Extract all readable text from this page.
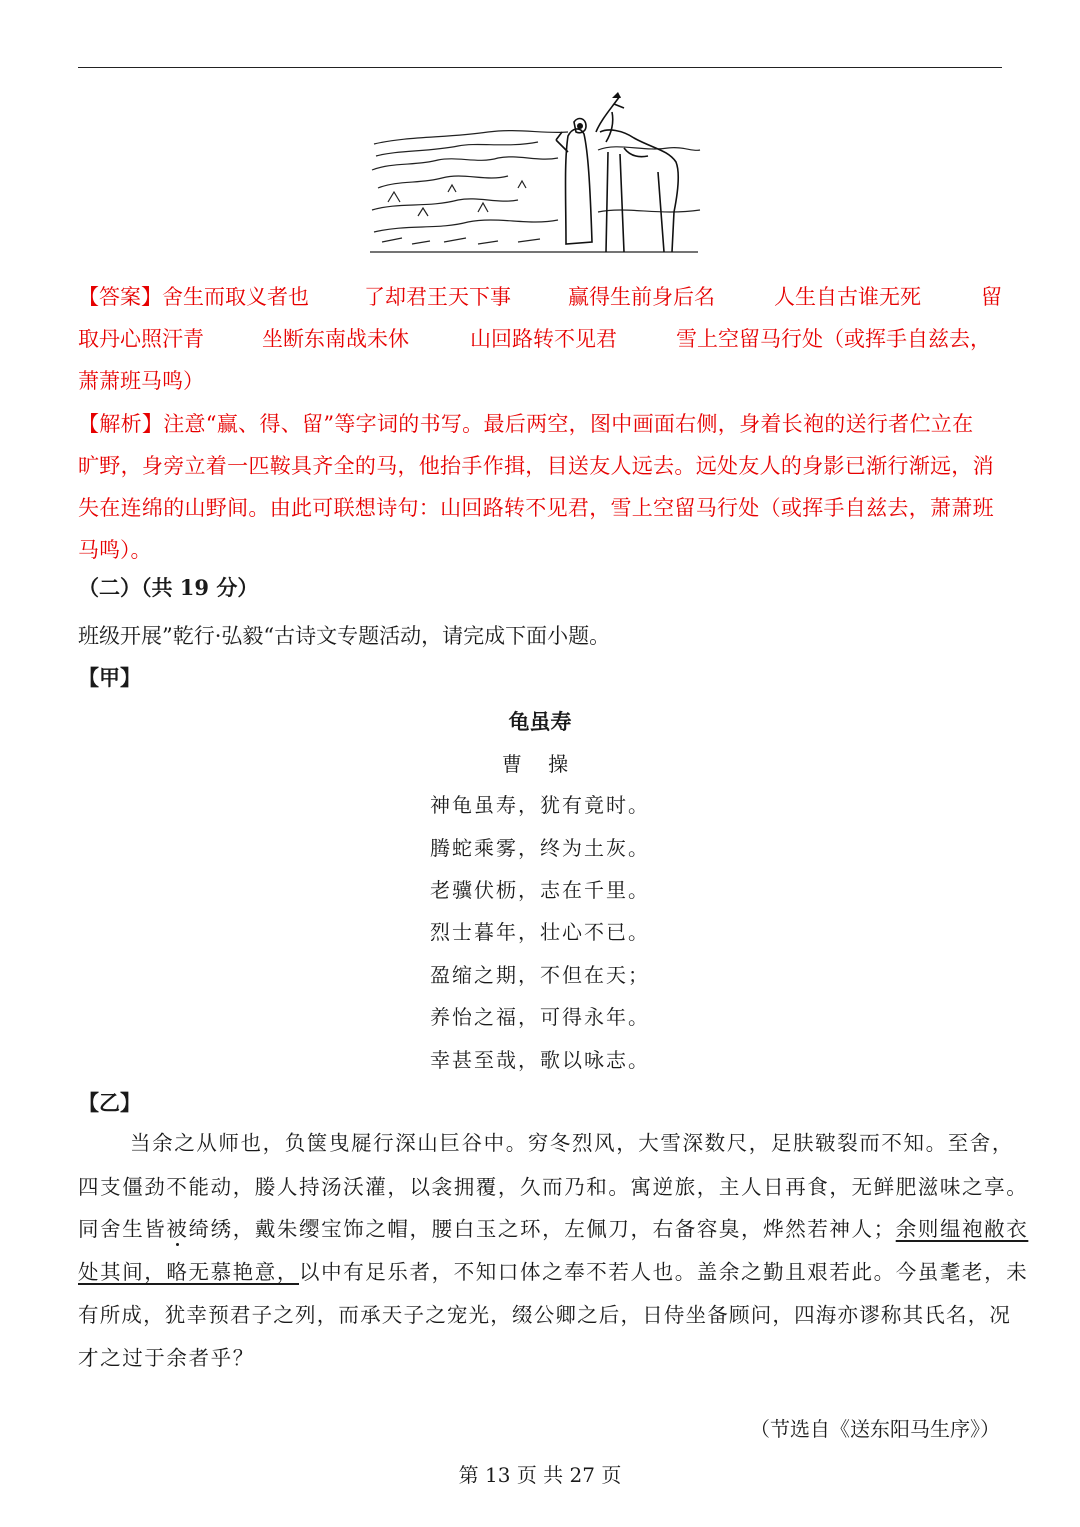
【答案】舍生而取义者也	了却君王天下事	赢得生前身后名	人生自古谁无死	留
取丹心照汗青	坐断东南战未休	山回路转不见君	雪上空留马行处（或挥手自兹去，
萧萧班马鸣）
【解析】注意“赢、得、留”等字词的书写。最后两空，图中画面右侧，身着长袍的送行者伫立在
旷野，身旁立着一匹鞍具齐全的马，他抬手作揖，目送友人远去。远处友人的身影已渐行渐远，消
失在连绵的山野间。由此可联想诗句：山回路转不见君，雪上空留马行处（或挥手自兹去，萧萧班
马鸣）。
（二）（共 19 分）
班级开展”乾行·弘毅“古诗文专题活动，请完成下面小题。
【甲】
龟虽寿
曹 操
神龟虽寿，犹有竟时。
腾蛇乘雾，终为土灰。
老骥伏枥，志在千里。
烈士暮年，壮心不已。
盈缩之期，不但在天；
养怡之福，可得永年。
幸甚至哉，歌以咏志。
【乙】
当余之从师也，负箧曳屣行深山巨谷中。穷冬烈风，大雪深数尺，足肤皲裂而不知。至舍，
四支僵劲不能动，媵人持汤沃灌，以衾拥覆，久而乃和。寓逆旅，主人日再食，无鲜肥滋味之享。
同舍生皆被绮绣，戴朱缨宝饰之帽，腰白玉之环，左佩刀，右备容臭，烨然若神人；余则缊袍敝衣
处其间，略无慕艳意，以中有足乐者，不知口体之奉不若人也。盖余之勤且艰若此。今虽耄老，未
有所成，犹幸预君子之列，而承天子之宠光，缀公卿之后，日侍坐备顾问，四海亦谬称其氏名，况
才之过于余者乎？
（节选自《送东阳马生序》）
第 13 页 共 27 页
